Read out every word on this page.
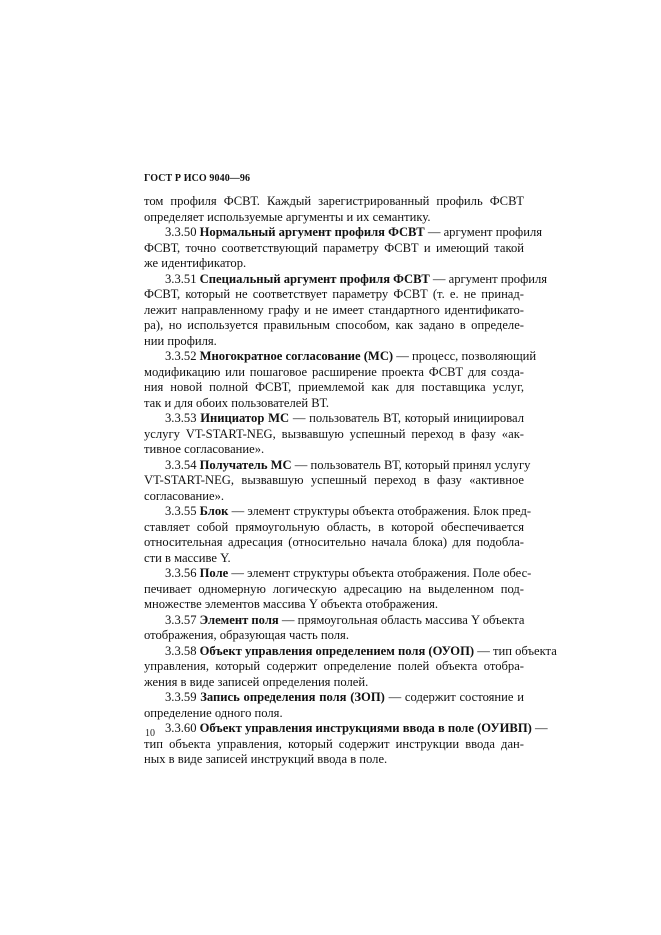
ГОСТ Р ИСО 9040—96
том профиля ФСВТ. Каждый зарегистрированный профиль ФСВТ
определяет используемые аргументы и их семантику.
3.3.50 Нормальный аргумент профиля ФСВТ — аргумент профиля
ФСВТ, точно соответствующий параметру ФСВТ и имеющий такой
же идентификатор.
3.3.51 Специальный аргумент профиля ФСВТ — аргумент профиля
ФСВТ, который не соответствует параметру ФСВТ (т. е. не принад-
лежит направленному графу и не имеет стандартного идентификато-
ра), но используется правильным способом, как задано в определе-
нии профиля.
3.3.52 Многократное согласование (МС) — процесс, позволяющий
модификацию или пошаговое расширение проекта ФСВТ для созда-
ния новой полной ФСВТ, приемлемой как для поставщика услуг,
так и для обоих пользователей ВТ.
3.3.53 Инициатор МС — пользователь ВТ, который инициировал
услугу VT-START-NEG, вызвавшую успешный переход в фазу «ак-
тивное согласование».
3.3.54 Получатель МС — пользователь ВТ, который принял услугу
VT-START-NEG, вызвавшую успешный переход в фазу «активное
согласование».
3.3.55 Блок — элемент структуры объекта отображения. Блок пред-
ставляет собой прямоугольную область, в которой обеспечивается
относительная адресация (относительно начала блока) для подобла-
сти в массиве Y.
3.3.56 Поле — элемент структуры объекта отображения. Поле обес-
печивает одномерную логическую адресацию на выделенном под-
множестве элементов массива Y объекта отображения.
3.3.57 Элемент поля — прямоугольная область массива Y объекта
отображения, образующая часть поля.
3.3.58 Объект управления определением поля (ОУОП) — тип объекта
управления, который содержит определение полей объекта отобра-
жения в виде записей определения полей.
3.3.59 Запись определения поля (ЗОП) — содержит состояние и
определение одного поля.
3.3.60 Объект управления инструкциями ввода в поле (ОУИВП) —
тип объекта управления, который содержит инструкции ввода дан-
ных в виде записей инструкций ввода в поле.
10
